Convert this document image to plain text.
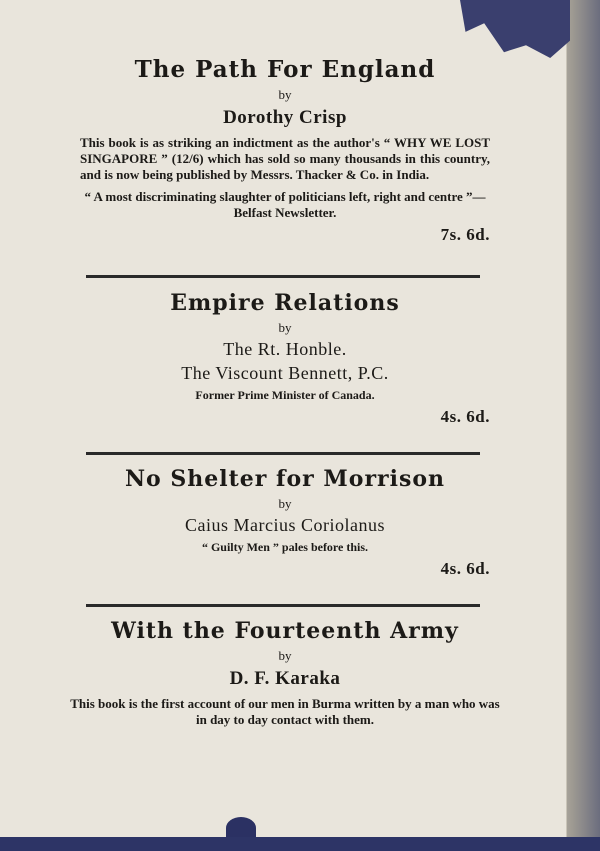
The Path For England
by
Dorothy Crisp
This book is as striking an indictment as the author's “ WHY WE LOST SINGAPORE ” (12/6) which has sold so many thousands in this country, and is now being published by Messrs. Thacker & Co. in India.
“ A most discriminating slaughter of politicians left, right and centre ”—Belfast Newsletter.
7s. 6d.
Empire Relations
by
The Rt. Honble.
The Viscount Bennett, P.C.
Former Prime Minister of Canada.
4s. 6d.
No Shelter for Morrison
by
Caius Marcius Coriolanus
“ Guilty Men ” pales before this.
4s. 6d.
With the Fourteenth Army
by
D. F. Karaka
This book is the first account of our men in Burma written by a man who was in day to day contact with them.
